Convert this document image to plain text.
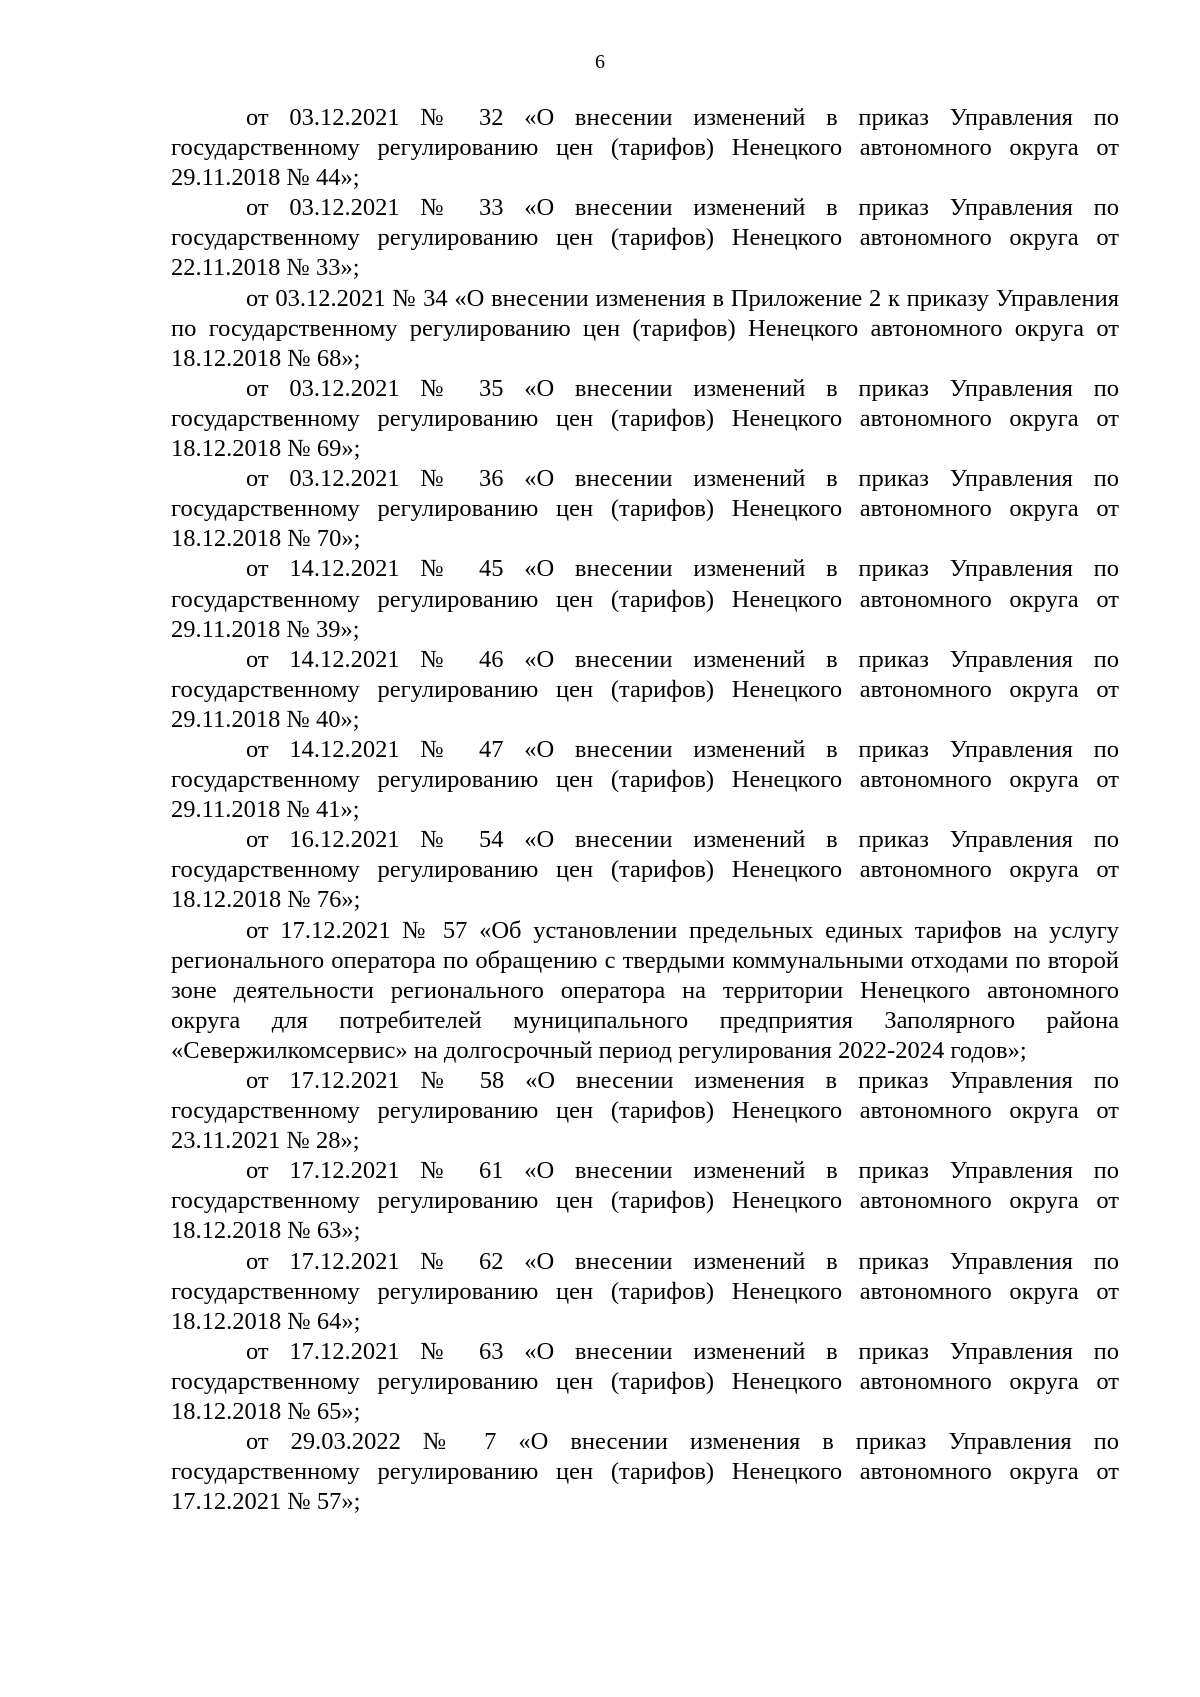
6

от 03.12.2021 № 32 «О внесении изменений в приказ Управления по государственному регулированию цен (тарифов) Ненецкого автономного округа от 29.11.2018 № 44»;

от 03.12.2021 № 33 «О внесении изменений в приказ Управления по государственному регулированию цен (тарифов) Ненецкого автономного округа от 22.11.2018 № 33»;

от 03.12.2021 № 34 «О внесении изменения в Приложение 2 к приказу Управления по государственному регулированию цен (тарифов) Ненецкого автономного округа от 18.12.2018 № 68»;

от 03.12.2021 № 35 «О внесении изменений в приказ Управления по государственному регулированию цен (тарифов) Ненецкого автономного округа от 18.12.2018 № 69»;

от 03.12.2021 № 36 «О внесении изменений в приказ Управления по государственному регулированию цен (тарифов) Ненецкого автономного округа от 18.12.2018 № 70»;

от 14.12.2021 № 45 «О внесении изменений в приказ Управления по государственному регулированию цен (тарифов) Ненецкого автономного округа от 29.11.2018 № 39»;

от 14.12.2021 № 46 «О внесении изменений в приказ Управления по государственному регулированию цен (тарифов) Ненецкого автономного округа от 29.11.2018 № 40»;

от 14.12.2021 № 47 «О внесении изменений в приказ Управления по государственному регулированию цен (тарифов) Ненецкого автономного округа от 29.11.2018 № 41»;

от 16.12.2021 № 54 «О внесении изменений в приказ Управления по государственному регулированию цен (тарифов) Ненецкого автономного округа от 18.12.2018 № 76»;

от 17.12.2021 № 57 «Об установлении предельных единых тарифов на услугу регионального оператора по обращению с твердыми коммунальными отходами по второй зоне деятельности регионального оператора на территории Ненецкого автономного округа для потребителей муниципального предприятия Заполярного района «Севержилкомсервис» на долгосрочный период регулирования 2022-2024 годов»;

от 17.12.2021 № 58 «О внесении изменения в приказ Управления по государственному регулированию цен (тарифов) Ненецкого автономного округа от 23.11.2021 № 28»;

от 17.12.2021 № 61 «О внесении изменений в приказ Управления по государственному регулированию цен (тарифов) Ненецкого автономного округа от 18.12.2018 № 63»;

от 17.12.2021 № 62 «О внесении изменений в приказ Управления по государственному регулированию цен (тарифов) Ненецкого автономного округа от 18.12.2018 № 64»;

от 17.12.2021 № 63 «О внесении изменений в приказ Управления по государственному регулированию цен (тарифов) Ненецкого автономного округа от 18.12.2018 № 65»;

от 29.03.2022 № 7 «О внесении изменения в приказ Управления по государственному регулированию цен (тарифов) Ненецкого автономного округа от 17.12.2021 № 57»;
